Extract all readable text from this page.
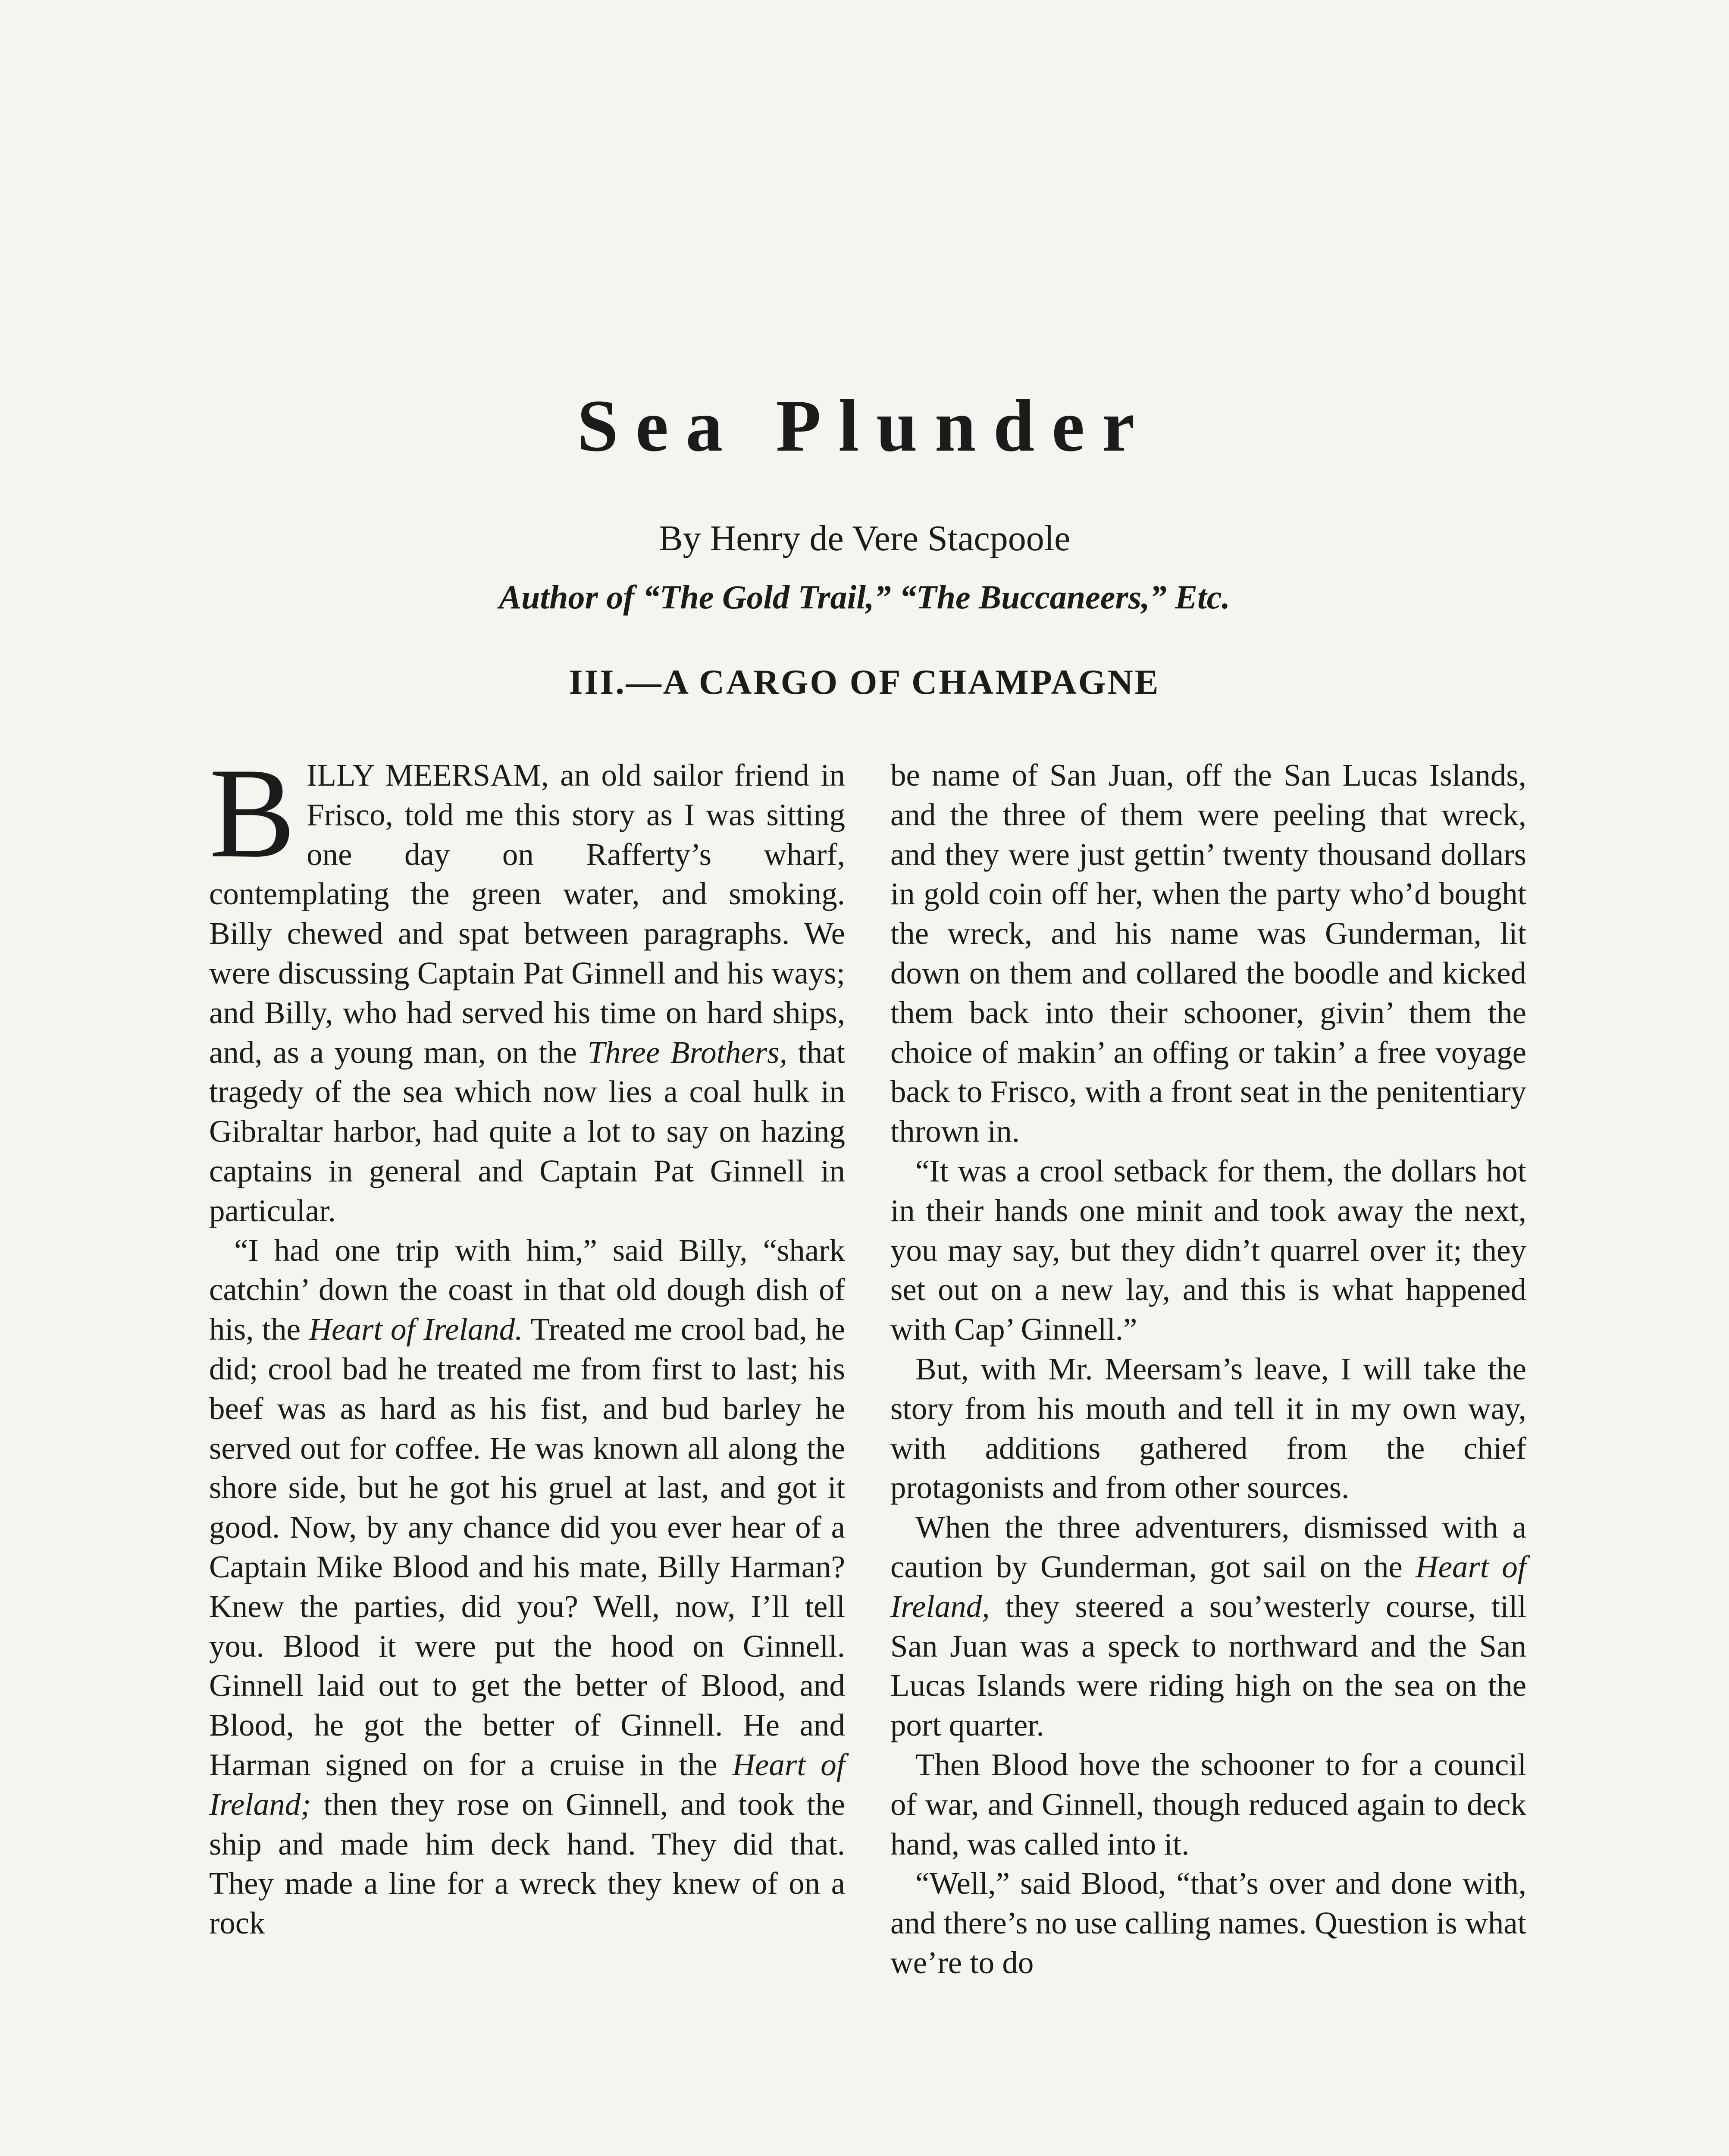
Sea Plunder

By Henry de Vere Stacpoole

Author of “The Gold Trail,” “The Buccaneers,” Etc.

III.—A CARGO OF CHAMPAGNE

BILLY MEERSAM, an old sailor friend in Frisco, told me this story as I was sitting one day on Rafferty’s wharf, contemplating the green water, and smoking. Billy chewed and spat between paragraphs. We were discussing Captain Pat Ginnell and his ways; and Billy, who had served his time on hard ships, and, as a young man, on the Three Brothers, that tragedy of the sea which now lies a coal hulk in Gibraltar harbor, had quite a lot to say on hazing captains in general and Captain Pat Ginnell in particular.

“I had one trip with him,” said Billy, “shark catchin’ down the coast in that old dough dish of his, the Heart of Ireland. Treated me crool bad, he did; crool bad he treated me from first to last; his beef was as hard as his fist, and bud barley he served out for coffee. He was known all along the shore side, but he got his gruel at last, and got it good. Now, by any chance did you ever hear of a Captain Mike Blood and his mate, Billy Harman? Knew the parties, did you? Well, now, I’ll tell you. Blood it were put the hood on Ginnell. Ginnell laid out to get the better of Blood, and Blood, he got the better of Ginnell. He and Harman signed on for a cruise in the Heart of Ireland; then they rose on Ginnell, and took the ship and made him deck hand. They did that. They made a line for a wreck they knew of on a rock

be name of San Juan, off the San Lucas Islands, and the three of them were peeling that wreck, and they were just gettin’ twenty thousand dollars in gold coin off her, when the party who’d bought the wreck, and his name was Gunderman, lit down on them and collared the boodle and kicked them back into their schooner, givin’ them the choice of makin’ an offing or takin’ a free voyage back to Frisco, with a front seat in the penitentiary thrown in.

“It was a crool setback for them, the dollars hot in their hands one minit and took away the next, you may say, but they didn’t quarrel over it; they set out on a new lay, and this is what happened with Cap’ Ginnell.”

But, with Mr. Meersam’s leave, I will take the story from his mouth and tell it in my own way, with additions gathered from the chief protagonists and from other sources.

When the three adventurers, dismissed with a caution by Gunderman, got sail on the Heart of Ireland, they steered a sou’westerly course, till San Juan was a speck to northward and the San Lucas Islands were riding high on the sea on the port quarter.

Then Blood hove the schooner to for a council of war, and Ginnell, though reduced again to deck hand, was called into it.

“Well,” said Blood, “that’s over and done with, and there’s no use calling names. Question is what we’re to do
